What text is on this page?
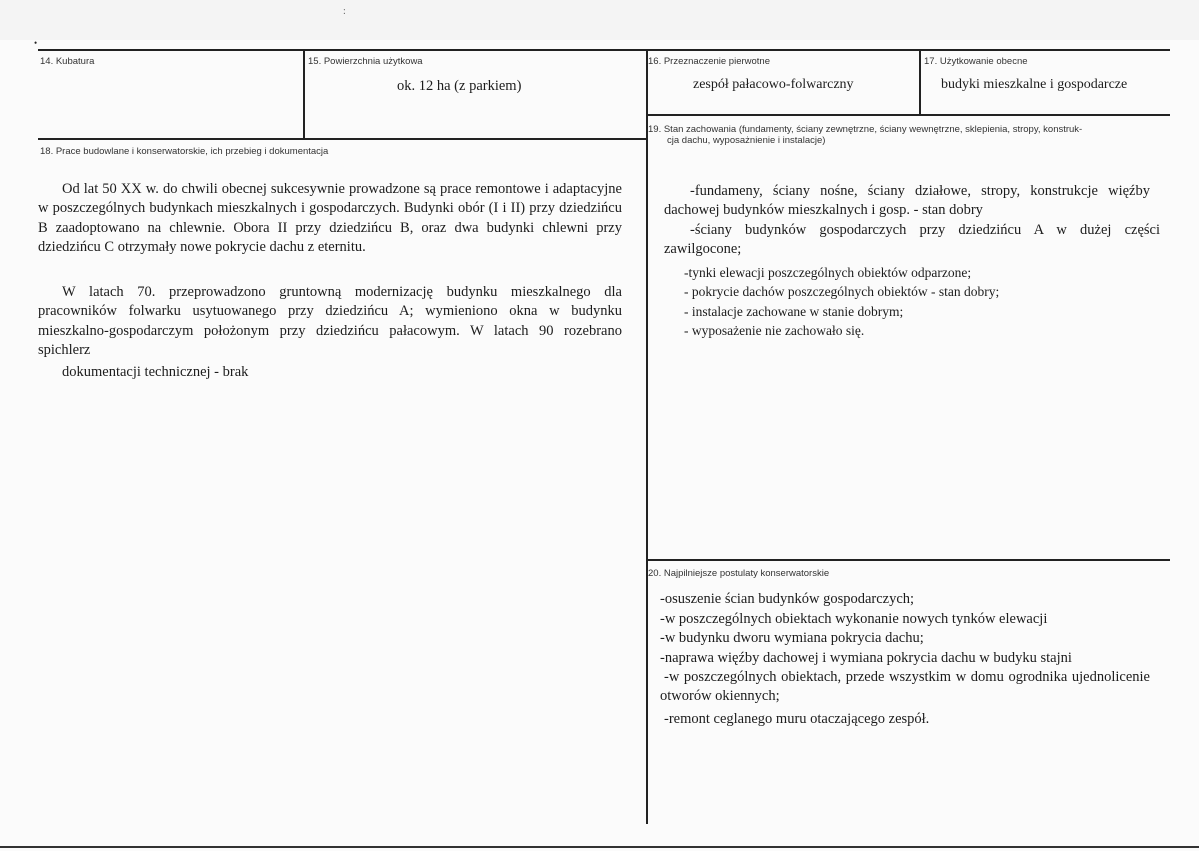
:
•
14. Kubatura	15. Powierzchnia użytkowa
ok. 12 ha (z parkiem)
16. Przeznaczenie pierwotne
zespół pałacowo-folwarczny
17. Użytkowanie obecne
budyki mieszkalne i gospodarcze
18. Prace budowlane i konserwatorskie, ich przebieg i dokumentacja

Od lat 50 XX w. do chwili obecnej sukcesywnie prowadzone są prace remontowe i adaptacyjne w poszczególnych budynkach mieszkalnych i gospodarczych. Budynki obór (I i II) przy dziedzińcu B zaadoptowano na chlewnie. Obora II przy dziedzińcu B, oraz dwa budynki chlewni przy dziedzińcu C otrzymały nowe pokrycie dachu z eternitu.

W latach 70. przeprowadzono gruntowną modernizację budynku mieszkalnego dla pracowników folwarku usytuowanego przy dziedzińcu A; wymieniono okna w budynku mieszkalno-gospodarczym położonym przy dziedzińcu pałacowym. W latach 90 rozebrano spichlerz

dokumentacji technicznej - brak

19. Stan zachowania (fundamenty, ściany zewnętrzne, ściany wewnętrzne, sklepienia, stropy, konstruk-
cja dachu, wyposażnienie i instalacje)

-fundameny, ściany nośne, ściany działowe, stropy, konstrukcje więźby dachowej budynków mieszkalnych i gosp. - stan dobry

-ściany budynków gospodarczych przy dziedzińcu A w dużej części zawilgocone;

-tynki elewacji poszczególnych obiektów odparzone;

- pokrycie dachów poszczególnych obiektów - stan dobry;

- instalacje zachowane w stanie dobrym;

- wyposażenie nie zachowało się.

20. Najpilniejsze postulaty konserwatorskie

-osuszenie ścian budynków gospodarczych;

-w poszczególnych obiektach wykonanie nowych tynków elewacji

-w budynku dworu wymiana pokrycia dachu;

-naprawa więźby dachowej i wymiana pokrycia dachu w budyku stajni

-w poszczególnych obiektach, przede wszystkim w domu ogrodnika ujednolicenie otworów okiennych;

-remont ceglanego muru otaczającego zespół.
